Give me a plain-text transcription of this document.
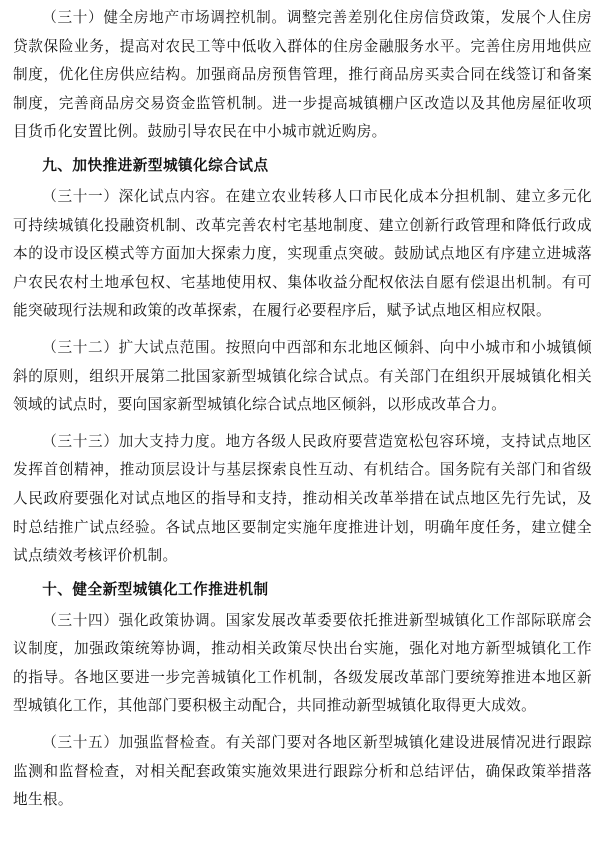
（三十）健全房地产市场调控机制。调整完善差别化住房信贷政策，发展个人住房贷款保险业务，提高对农民工等中低收入群体的住房金融服务水平。完善住房用地供应制度，优化住房供应结构。加强商品房预售管理，推行商品房买卖合同在线签订和备案制度，完善商品房交易资金监管机制。进一步提高城镇棚户区改造以及其他房屋征收项目货币化安置比例。鼓励引导农民在中小城市就近购房。

九、加快推进新型城镇化综合试点

（三十一）深化试点内容。在建立农业转移人口市民化成本分担机制、建立多元化可持续城镇化投融资机制、改革完善农村宅基地制度、建立创新行政管理和降低行政成本的设市设区模式等方面加大探索力度，实现重点突破。鼓励试点地区有序建立进城落户农民农村土地承包权、宅基地使用权、集体收益分配权依法自愿有偿退出机制。有可能突破现行法规和政策的改革探索，在履行必要程序后，赋予试点地区相应权限。

（三十二）扩大试点范围。按照向中西部和东北地区倾斜、向中小城市和小城镇倾斜的原则，组织开展第二批国家新型城镇化综合试点。有关部门在组织开展城镇化相关领域的试点时，要向国家新型城镇化综合试点地区倾斜，以形成改革合力。

（三十三）加大支持力度。地方各级人民政府要营造宽松包容环境，支持试点地区发挥首创精神，推动顶层设计与基层探索良性互动、有机结合。国务院有关部门和省级人民政府要强化对试点地区的指导和支持，推动相关改革举措在试点地区先行先试，及时总结推广试点经验。各试点地区要制定实施年度推进计划，明确年度任务，建立健全试点绩效考核评价机制。

十、健全新型城镇化工作推进机制

（三十四）强化政策协调。国家发展改革委要依托推进新型城镇化工作部际联席会议制度，加强政策统筹协调，推动相关政策尽快出台实施，强化对地方新型城镇化工作的指导。各地区要进一步完善城镇化工作机制，各级发展改革部门要统筹推进本地区新型城镇化工作，其他部门要积极主动配合，共同推动新型城镇化取得更大成效。

（三十五）加强监督检查。有关部门要对各地区新型城镇化建设进展情况进行跟踪监测和监督检查，对相关配套政策实施效果进行跟踪分析和总结评估，确保政策举措落地生根。
